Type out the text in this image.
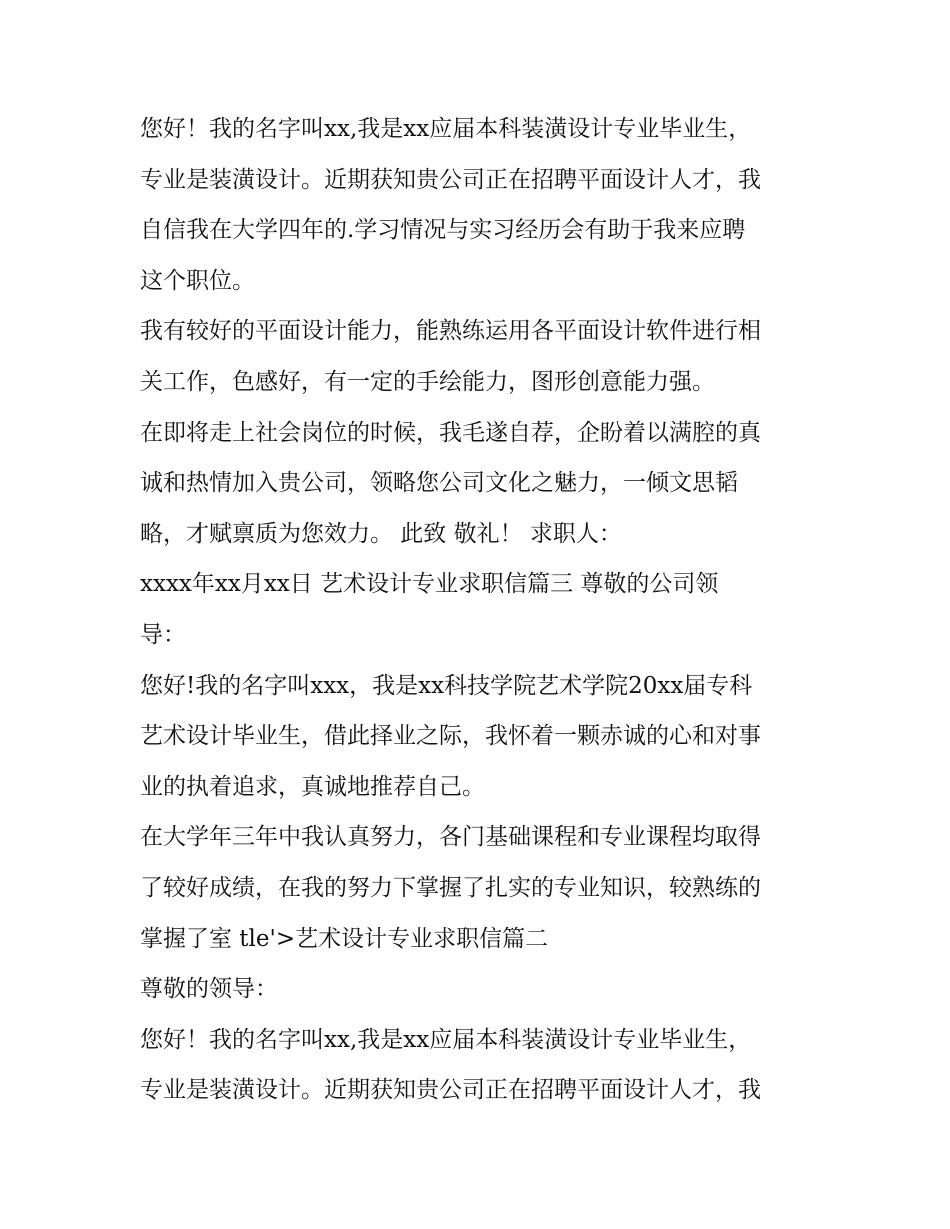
您好！我的名字叫xx,我是xx应届本科装潢设计专业毕业生，
专业是装潢设计。近期获知贵公司正在招聘平面设计人才，我
自信我在大学四年的.学习情况与实习经历会有助于我来应聘
这个职位。
我有较好的平面设计能力，能熟练运用各平面设计软件进行相
关工作，色感好，有一定的手绘能力，图形创意能力强。
在即将走上社会岗位的时候，我毛遂自荐，企盼着以满腔的真
诚和热情加入贵公司，领略您公司文化之魅力，一倾文思韬
略，才赋禀质为您效力。 此致 敬礼！ 求职人：
xxxx年xx月xx日 艺术设计专业求职信篇三 尊敬的公司领
导：
您好!我的名字叫xxx，我是xx科技学院艺术学院20xx届专科
艺术设计毕业生，借此择业之际，我怀着一颗赤诚的心和对事
业的执着追求，真诚地推荐自己。
在大学年三年中我认真努力，各门基础课程和专业课程均取得
了较好成绩，在我的努力下掌握了扎实的专业知识，较熟练的
掌握了室 tle'>艺术设计专业求职信篇二
尊敬的领导：
您好！我的名字叫xx,我是xx应届本科装潢设计专业毕业生，
专业是装潢设计。近期获知贵公司正在招聘平面设计人才，我
